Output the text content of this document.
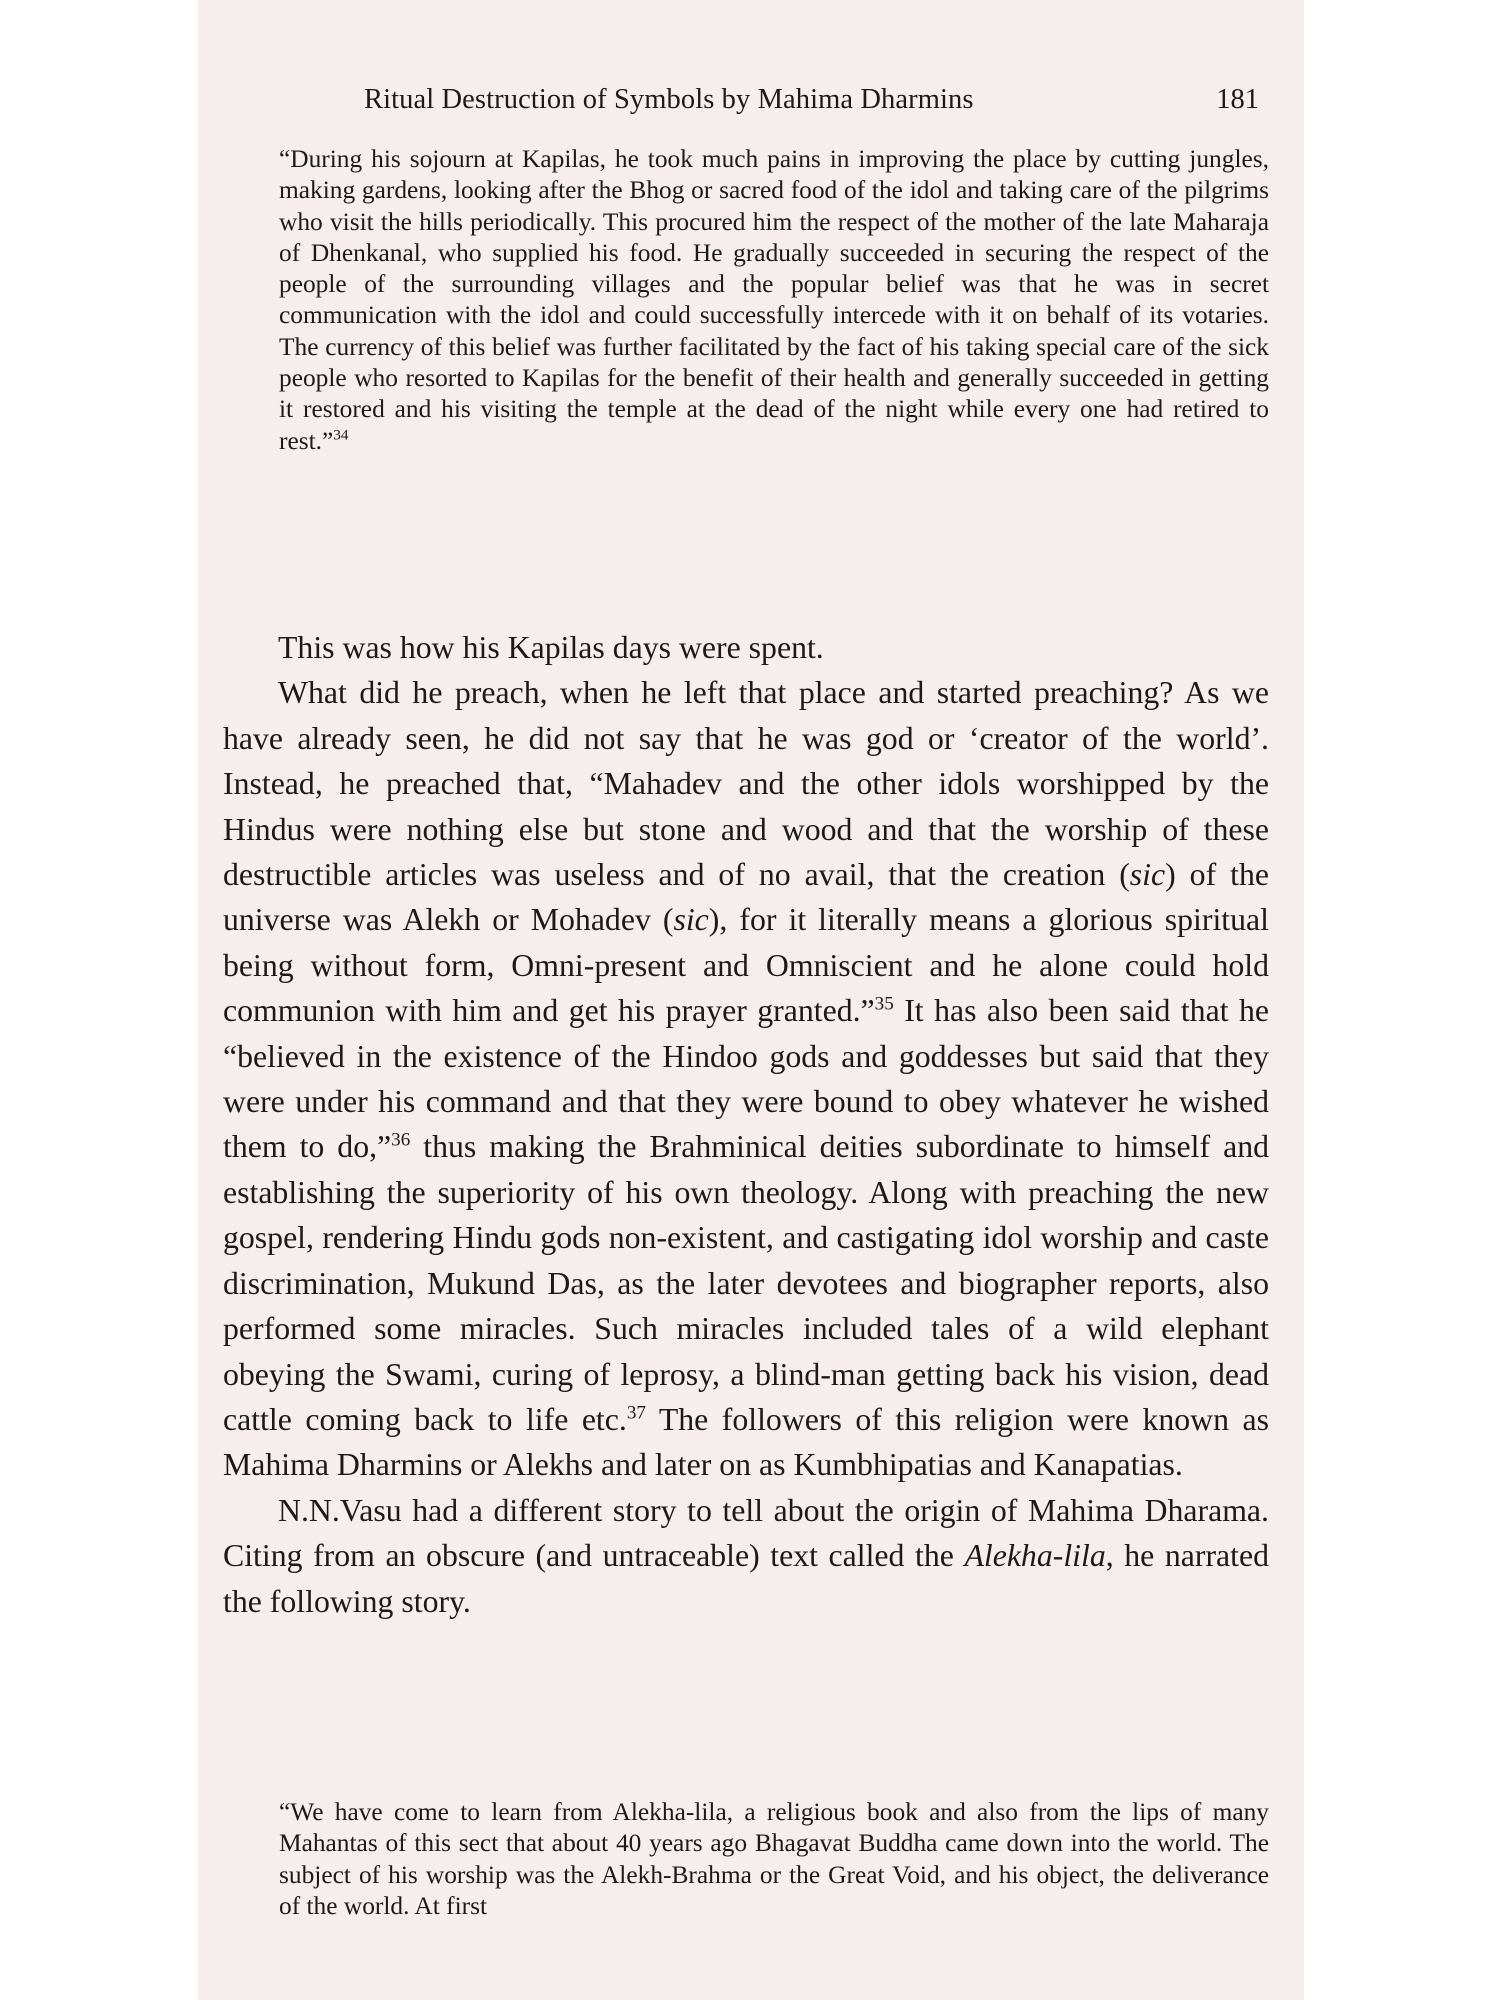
Ritual Destruction of Symbols by Mahima Dharmins	181

“During his sojourn at Kapilas, he took much pains in improving the place by cutting jungles, making gardens, looking after the Bhog or sacred food of the idol and taking care of the pilgrims who visit the hills periodically. This procured him the respect of the mother of the late Maharaja of Dhenkanal, who supplied his food. He gradually succeeded in securing the respect of the people of the surrounding villages and the popular belief was that he was in secret communication with the idol and could successfully intercede with it on behalf of its votaries. The currency of this belief was further facilitated by the fact of his taking special care of the sick people who resorted to Kapilas for the benefit of their health and generally succeeded in getting it restored and his visiting the temple at the dead of the night while every one had retired to rest.”$^{34}$

This was how his Kapilas days were spent.

What did he preach, when he left that place and started preaching? As we have already seen, he did not say that he was god or ‘creator of the world’. Instead, he preached that, “Mahadev and the other idols worshipped by the Hindus were nothing else but stone and wood and that the worship of these destructible articles was useless and of no avail, that the creation (sic) of the universe was Alekh or Mohadev (sic), for it literally means a glorious spiritual being without form, Omni-present and Omniscient and he alone could hold communion with him and get his prayer granted.”$^{35}$ It has also been said that he “believed in the existence of the Hindoo gods and goddesses but said that they were under his command and that they were bound to obey whatever he wished them to do,”$^{36}$ thus making the Brahminical deities subordinate to himself and establishing the superiority of his own theology. Along with preaching the new gospel, rendering Hindu gods non-existent, and castigating idol worship and caste discrimination, Mukund Das, as the later devotees and biographer reports, also performed some miracles. Such miracles included tales of a wild elephant obeying the Swami, curing of leprosy, a blind-man getting back his vision, dead cattle coming back to life etc.$^{37}$ The followers of this religion were known as Mahima Dharmins or Alekhs and later on as Kumbhipatias and Kanapatias.

N.N.Vasu had a different story to tell about the origin of Mahima Dharama. Citing from an obscure (and untraceable) text called the Alekha-lila, he narrated the following story.

“We have come to learn from Alekha-lila, a religious book and also from the lips of many Mahantas of this sect that about 40 years ago Bhagavat Buddha came down into the world. The subject of his worship was the Alekh-Brahma or the Great Void, and his object, the deliverance of the world. At first
